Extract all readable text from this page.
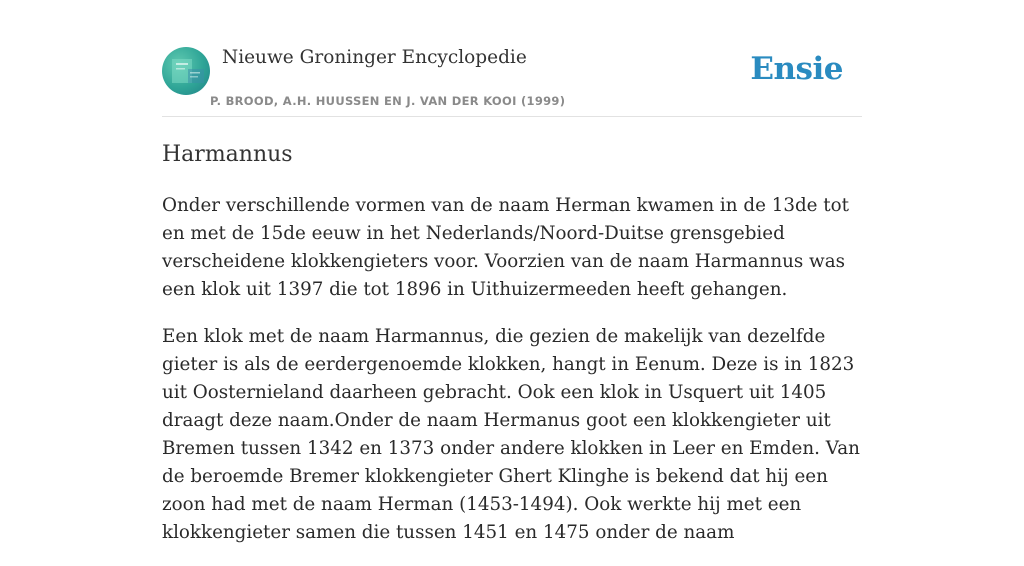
Nieuwe Groninger Encyclopedie
P. BROOD, A.H. HUUSSEN EN J. VAN DER KOOI (1999)
Ensie
Harmannus

Onder verschillende vormen van de naam Herman kwamen in de 13de tot en met de 15de eeuw in het Nederlands/Noord-Duitse grensgebied verscheidene klokkengieters voor. Voorzien van de naam Harmannus was een klok uit 1397 die tot 1896 in Uithuizermeeden heeft gehangen.

Een klok met de naam Harmannus, die gezien de makelijk van dezelfde gieter is als de eerdergenoemde klokken, hangt in Eenum. Deze is in 1823 uit Oosternieland daarheen gebracht. Ook een klok in Usquert uit 1405 draagt deze naam.Onder de naam Hermanus goot een klokkengieter uit Bremen tussen 1342 en 1373 onder andere klokken in Leer en Emden. Van de beroemde Bremer klokkengieter Ghert Klinghe is bekend dat hij een zoon had met de naam Herman (1453-1494). Ook werkte hij met een klokkengieter samen die tussen 1451 en 1475 onder de naam
